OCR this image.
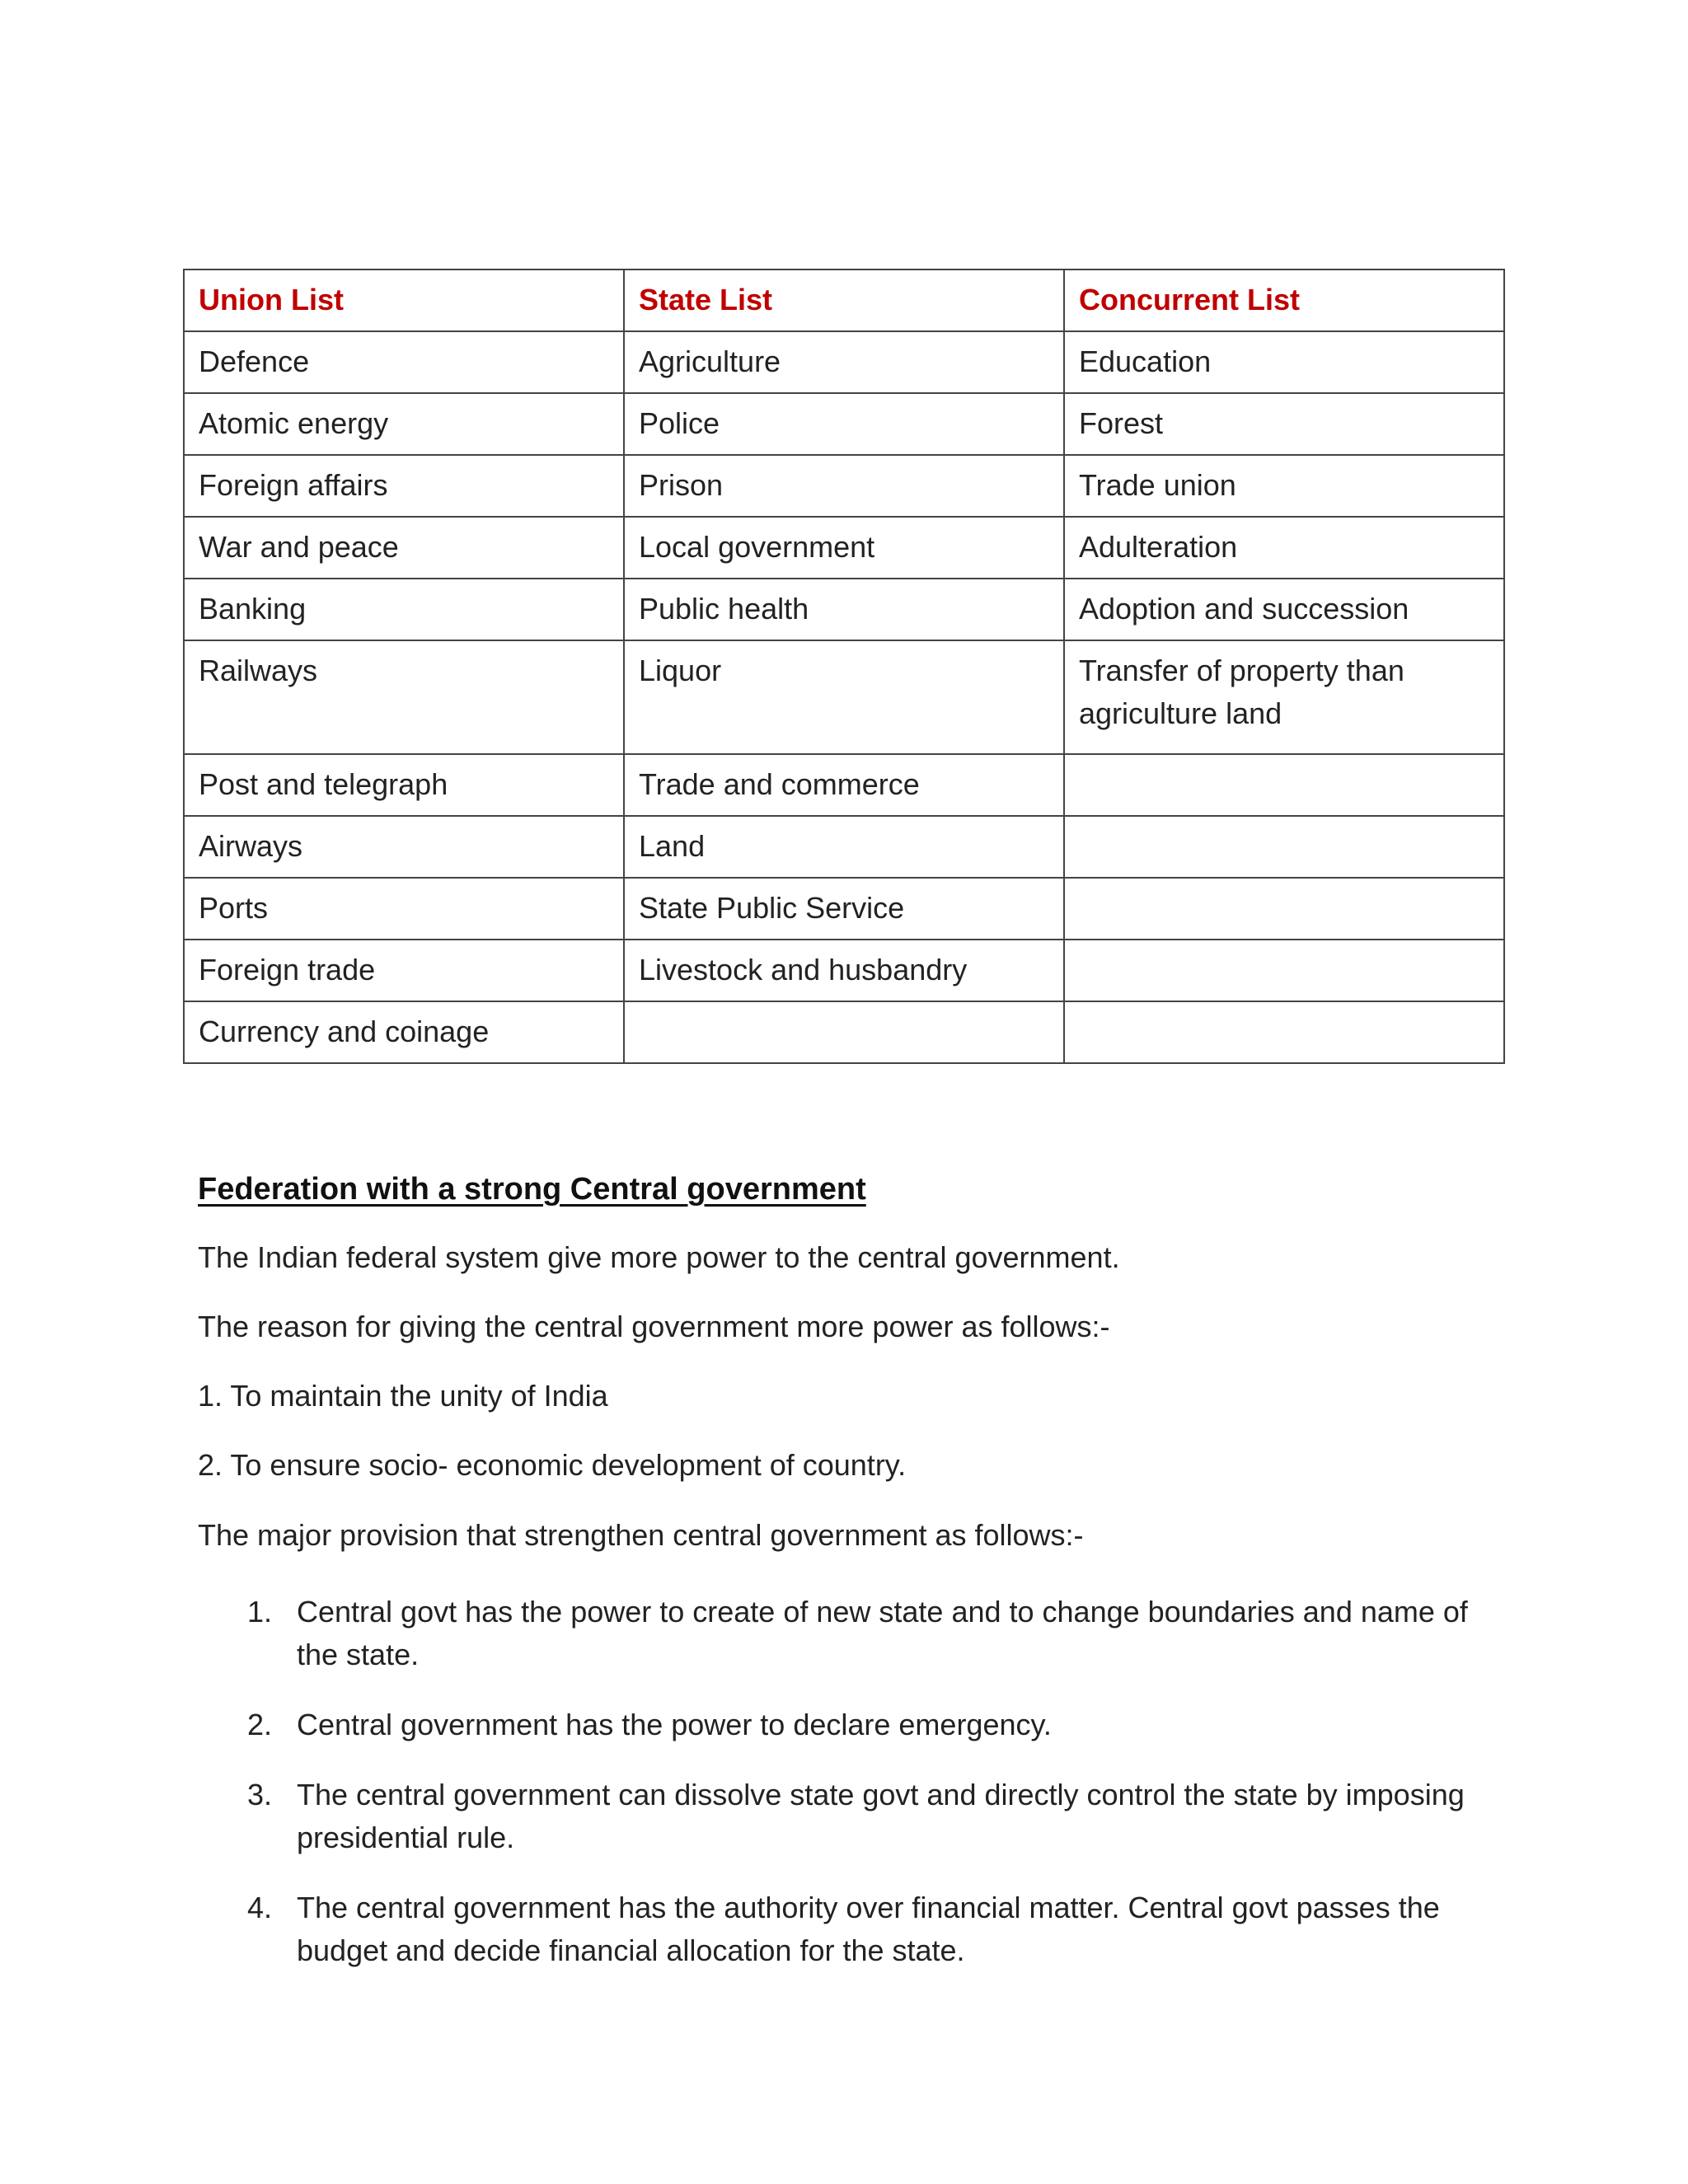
Union List	State List	Concurrent List
Defence	Agriculture	Education
Atomic energy	Police	Forest
Foreign affairs	Prison	Trade union
War and peace	Local government	Adulteration
Banking	Public health	Adoption and succession
Railways	Liquor	Transfer of property than agriculture land
Post and telegraph	Trade and commerce	
Airways	Land	
Ports	State Public Service	
Foreign trade	Livestock and husbandry	
Currency and coinage		
Federation with a strong Central government
The Indian federal system give more power to the central government.
The reason for giving the central government more power as follows:-
1. To maintain the unity of India
2. To ensure socio- economic development of country.
The major provision that strengthen central government as follows:-
1. Central govt has the power to create of new state and to change boundaries and name of the state.
2. Central government has the power to declare emergency.
3. The central government can dissolve state govt and directly control the state by imposing presidential rule.
4. The central government has the authority over financial matter. Central govt passes the budget and decide financial allocation for the state.
